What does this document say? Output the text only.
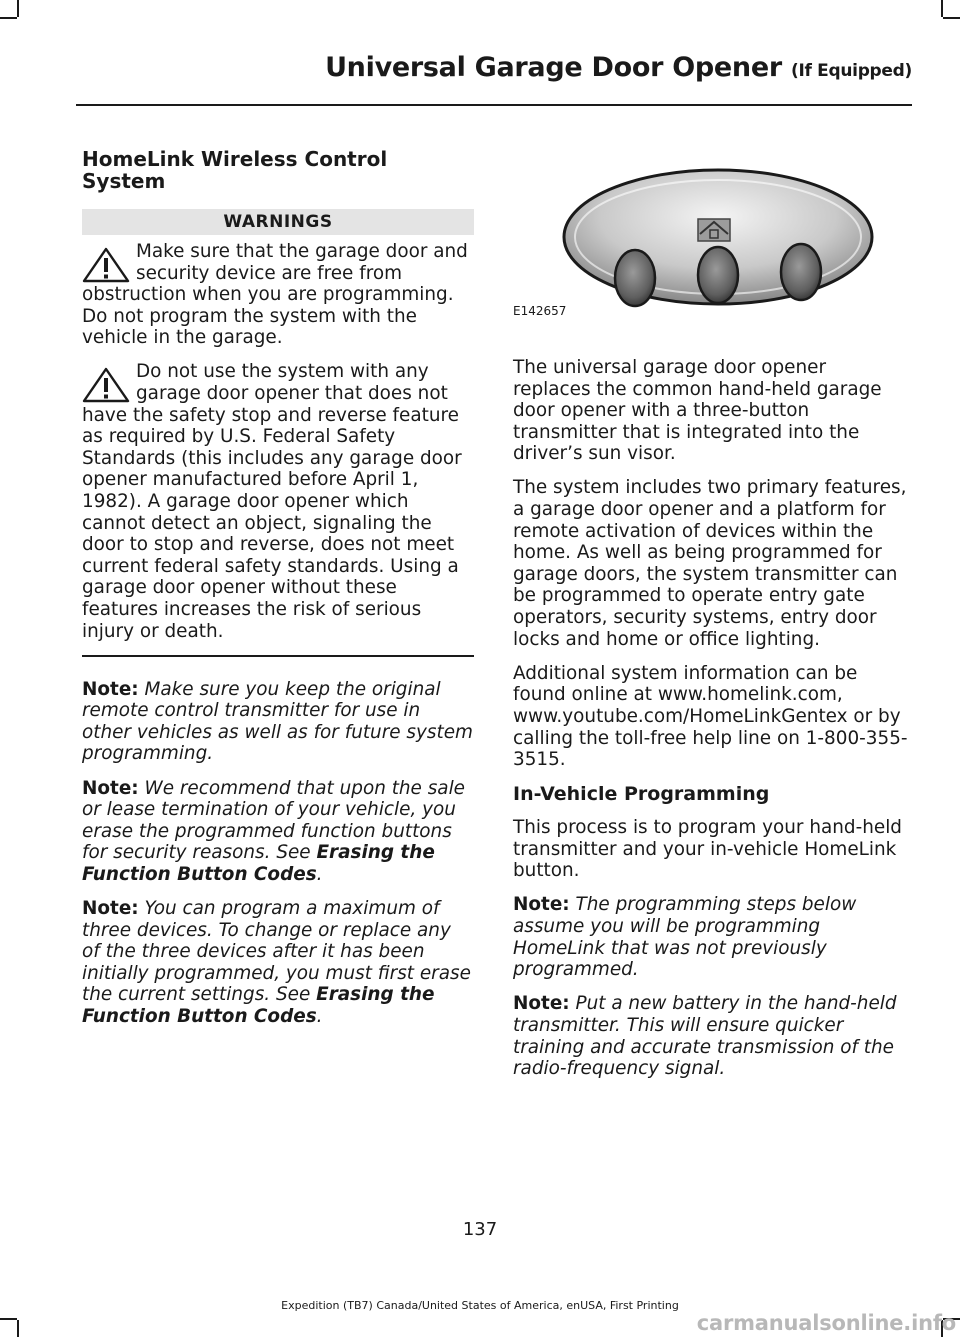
Universal Garage Door Opener (If Equipped)
HomeLink Wireless Control System
WARNINGS
Make sure that the garage door and security device are free from obstruction when you are programming. Do not program the system with the vehicle in the garage.
Do not use the system with any garage door opener that does not have the safety stop and reverse feature as required by U.S. Federal Safety Standards (this includes any garage door opener manufactured before April 1, 1982). A garage door opener which cannot detect an object, signaling the door to stop and reverse, does not meet current federal safety standards. Using a garage door opener without these features increases the risk of serious injury or death.

Note: Make sure you keep the original remote control transmitter for use in other vehicles as well as for future system programming.

Note: We recommend that upon the sale or lease termination of your vehicle, you erase the programmed function buttons for security reasons. See Erasing the Function Button Codes.

Note: You can program a maximum of three devices. To change or replace any of the three devices after it has been initially programmed, you must first erase the current settings. See Erasing the Function Button Codes.

E142657

The universal garage door opener replaces the common hand-held garage door opener with a three-button transmitter that is integrated into the driver’s sun visor.

The system includes two primary features, a garage door opener and a platform for remote activation of devices within the home. As well as being programmed for garage doors, the system transmitter can be programmed to operate entry gate operators, security systems, entry door locks and home or office lighting.

Additional system information can be found online at www.homelink.com, www.youtube.com/HomeLinkGentex or by calling the toll-free help line on 1-800-355-3515.

In-Vehicle Programming

This process is to program your hand-held transmitter and your in-vehicle HomeLink button.

Note: The programming steps below assume you will be programming HomeLink that was not previously programmed.

Note: Put a new battery in the hand-held transmitter. This will ensure quicker training and accurate transmission of the radio-frequency signal.

137
Expedition (TB7) Canada/United States of America, enUSA, First Printing
carmanualsonline.info
